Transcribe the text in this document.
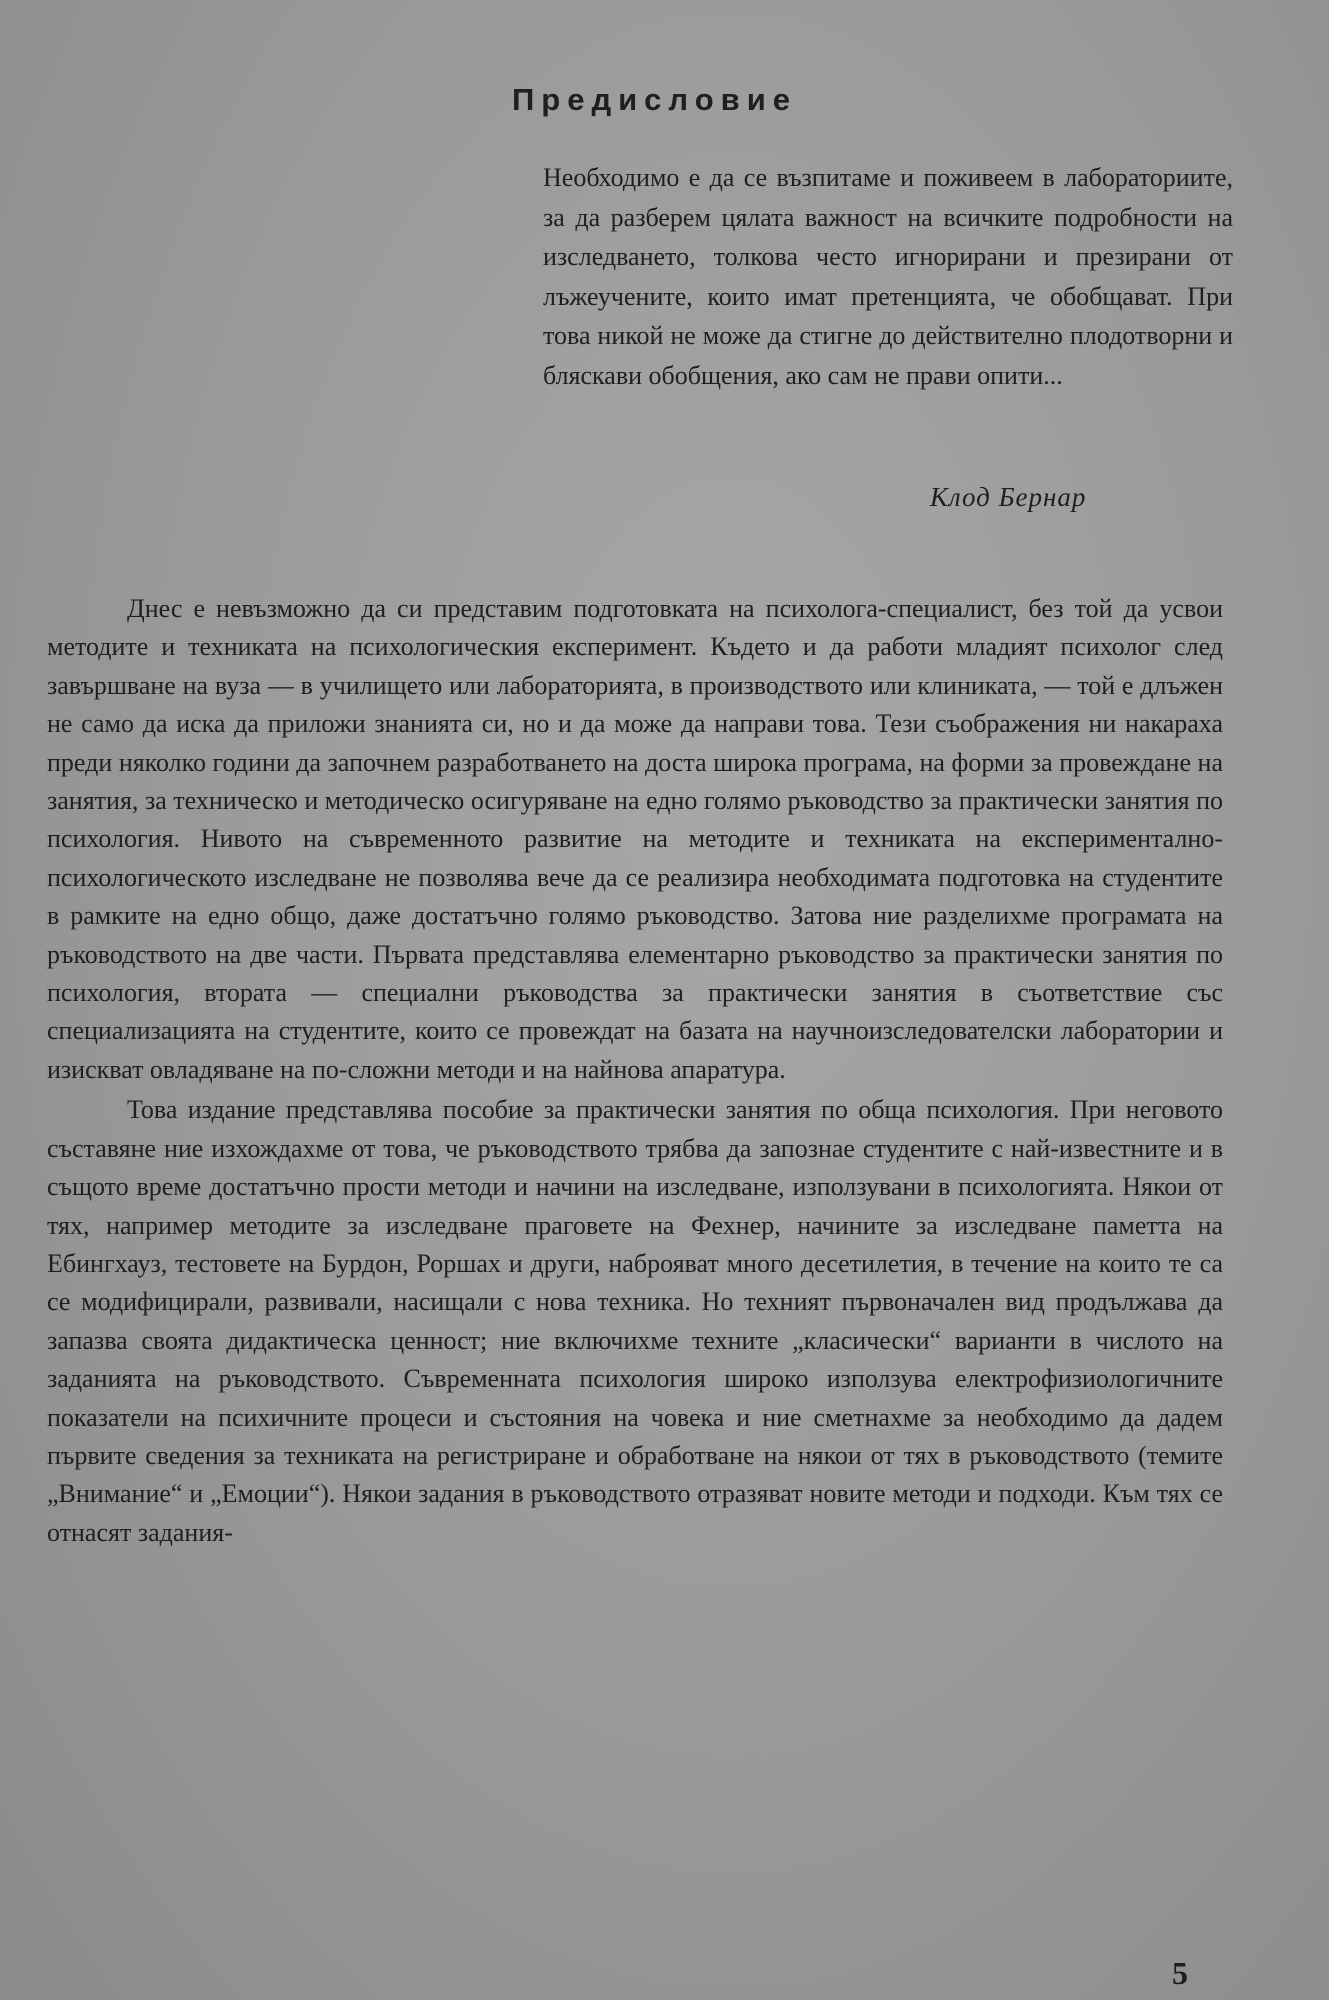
Предисловие

Необходимо е да се възпитаме и поживеем в лабораториите, за да разберем цялата важност на всичките подробности на изследването, толкова често игнорирани и презирани от лъжеучените, които имат претенцията, че обобщават. При това никой не може да стигне до действително плодотворни и бляскави обобщения, ако сам не прави опити...

Клод Бернар

Днес е невъзможно да си представим подготовката на психолога-специалист, без той да усвои методите и техниката на психологическия експеримент. Където и да работи младият психолог след завършване на вуза — в училището или лабораторията, в производството или клиниката, — той е длъжен не само да иска да приложи знанията си, но и да може да направи това. Тези съображения ни накараха преди няколко години да започнем разработването на доста широка програма, на форми за провеждане на занятия, за техническо и методическо осигуряване на едно голямо ръководство за практически занятия по психология. Нивото на съвременното развитие на методите и техниката на експериментално-психологическото изследване не позволява вече да се реализира необходимата подготовка на студентите в рамките на едно общо, даже достатъчно голямо ръководство. Затова ние разделихме програмата на ръководството на две части. Първата представлява елементарно ръководство за практически занятия по психология, втората — специални ръководства за практически занятия в съответствие със специализацията на студентите, които се провеждат на базата на научноизследователски лаборатории и изискват овладяване на по-сложни методи и на найнова апаратура.

Това издание представлява пособие за практически занятия по обща психология. При неговото съставяне ние изхождахме от това, че ръководството трябва да запознае студентите с най-известните и в същото време достатъчно прости методи и начини на изследване, използувани в психологията. Някои от тях, например методите за изследване праговете на Фехнер, начините за изследване паметта на Ебингхауз, тестовете на Бурдон, Роршах и други, наброяват много десетилетия, в течение на които те са се модифицирали, развивали, насищали с нова техника. Но техният първоначален вид продължава да запазва своята дидактическа ценност; ние включихме техните „класически“ варианти в числото на заданията на ръководството. Съвременната психология широко използува електрофизиологичните показатели на психичните процеси и състояния на човека и ние сметнахме за необходимо да дадем първите сведения за техниката на регистриране и обработване на някои от тях в ръководството (темите „Внимание“ и „Емоции“). Някои задания в ръководството отразяват новите методи и подходи. Към тях се отнасят задания-

5
